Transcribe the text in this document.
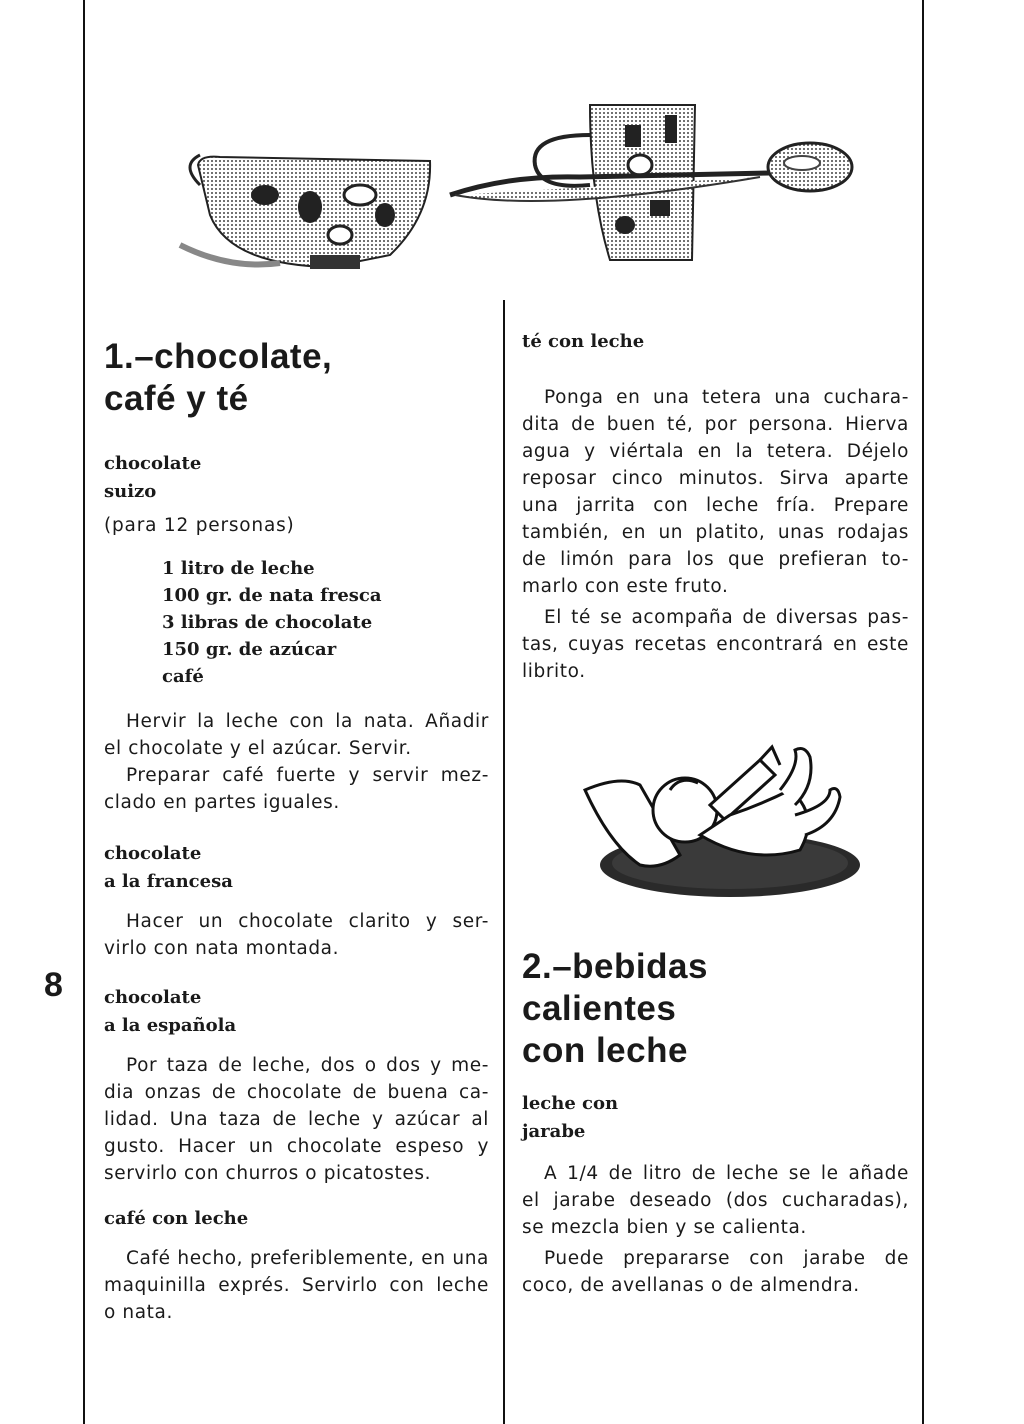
1.–chocolate,
café y té
chocolate
suizo
(para 12 personas)
1 litro de leche
100 gr. de nata fresca
3 libras de chocolate
150 gr. de azúcar
café
Hervir la leche con la nata. Añadir
el chocolate y el azúcar. Servir.
Preparar café fuerte y servir mez-
clado en partes iguales.
chocolate
a la francesa
Hacer un chocolate clarito y ser-
virlo con nata montada.
chocolate
a la española
Por taza de leche, dos o dos y me-
dia onzas de chocolate de buena ca-
lidad. Una taza de leche y azúcar al
gusto. Hacer un chocolate espeso y
servirlo con churros o picatostes.
café con leche
Café hecho, preferiblemente, en una
maquinilla exprés. Servirlo con leche
o nata.
8
té con leche
Ponga en una tetera una cuchara-
dita de buen té, por persona. Hierva
agua y viértala en la tetera. Déjelo
reposar cinco minutos. Sirva aparte
una jarrita con leche fría. Prepare
también, en un platito, unas rodajas
de limón para los que prefieran to-
marlo con este fruto.
El té se acompaña de diversas pas-
tas, cuyas recetas encontrará en este
librito.
2.–bebidas
calientes
con leche
leche con
jarabe
A 1/4 de litro de leche se le añade
el jarabe deseado (dos cucharadas),
se mezcla bien y se calienta.
Puede prepararse con jarabe de
coco, de avellanas o de almendra.
